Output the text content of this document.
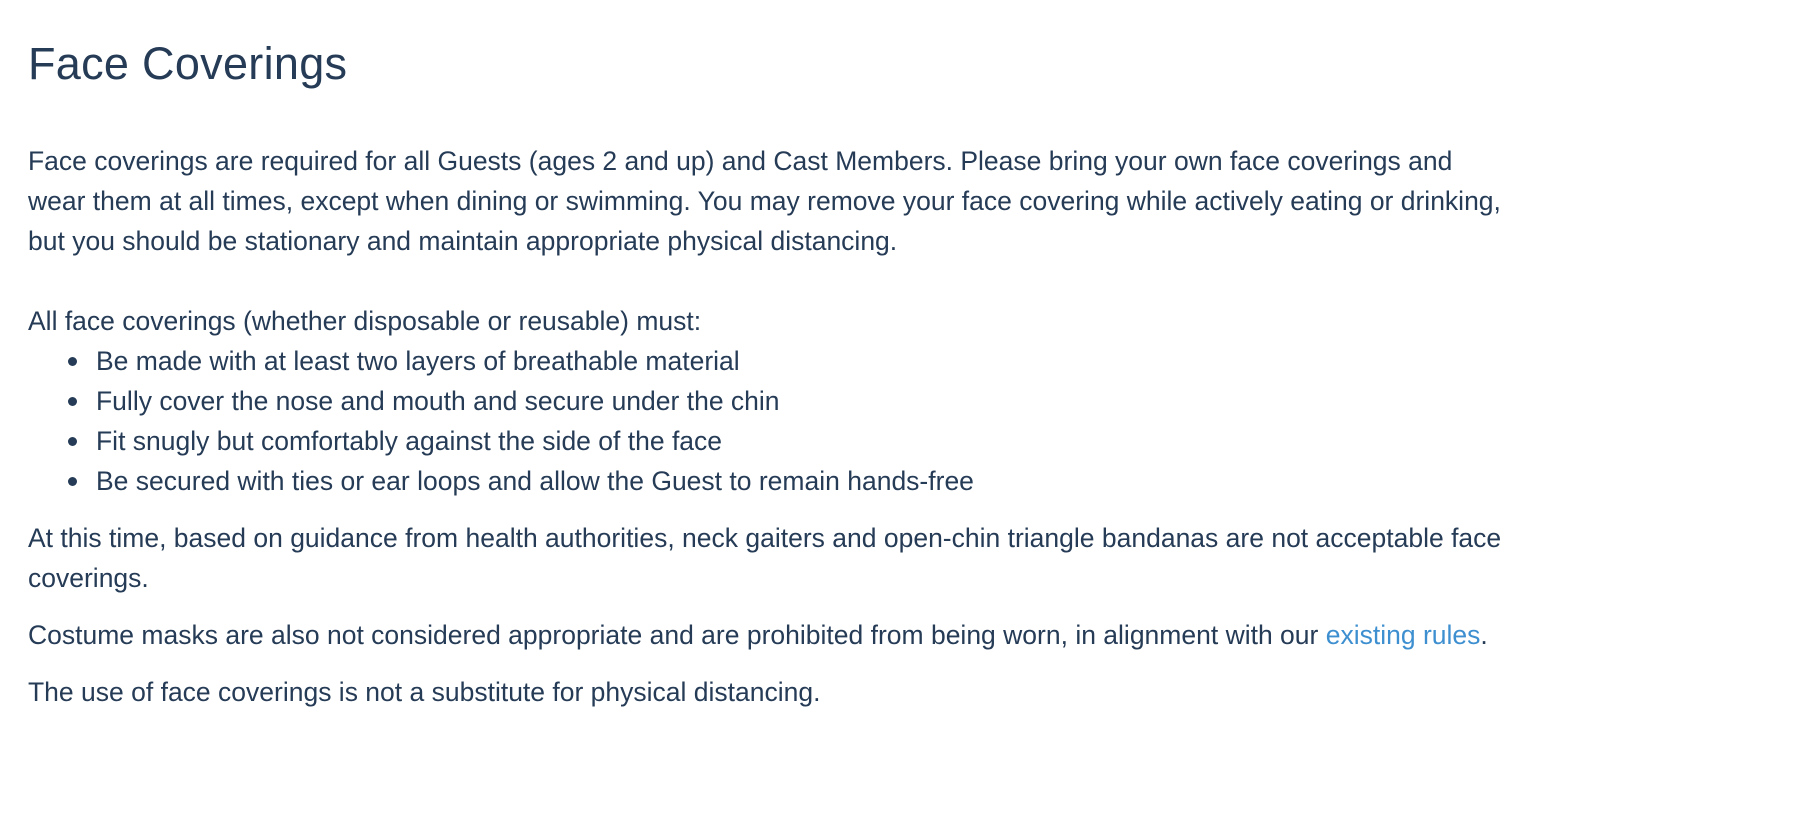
Face Coverings

Face coverings are required for all Guests (ages 2 and up) and Cast Members. Please bring your own face coverings and wear them at all times, except when dining or swimming. You may remove your face covering while actively eating or drinking, but you should be stationary and maintain appropriate physical distancing.

All face coverings (whether disposable or reusable) must:

Be made with at least two layers of breathable material
Fully cover the nose and mouth and secure under the chin
Fit snugly but comfortably against the side of the face
Be secured with ties or ear loops and allow the Guest to remain hands-free

At this time, based on guidance from health authorities, neck gaiters and open-chin triangle bandanas are not acceptable face coverings.

Costume masks are also not considered appropriate and are prohibited from being worn, in alignment with our existing rules.

The use of face coverings is not a substitute for physical distancing.
